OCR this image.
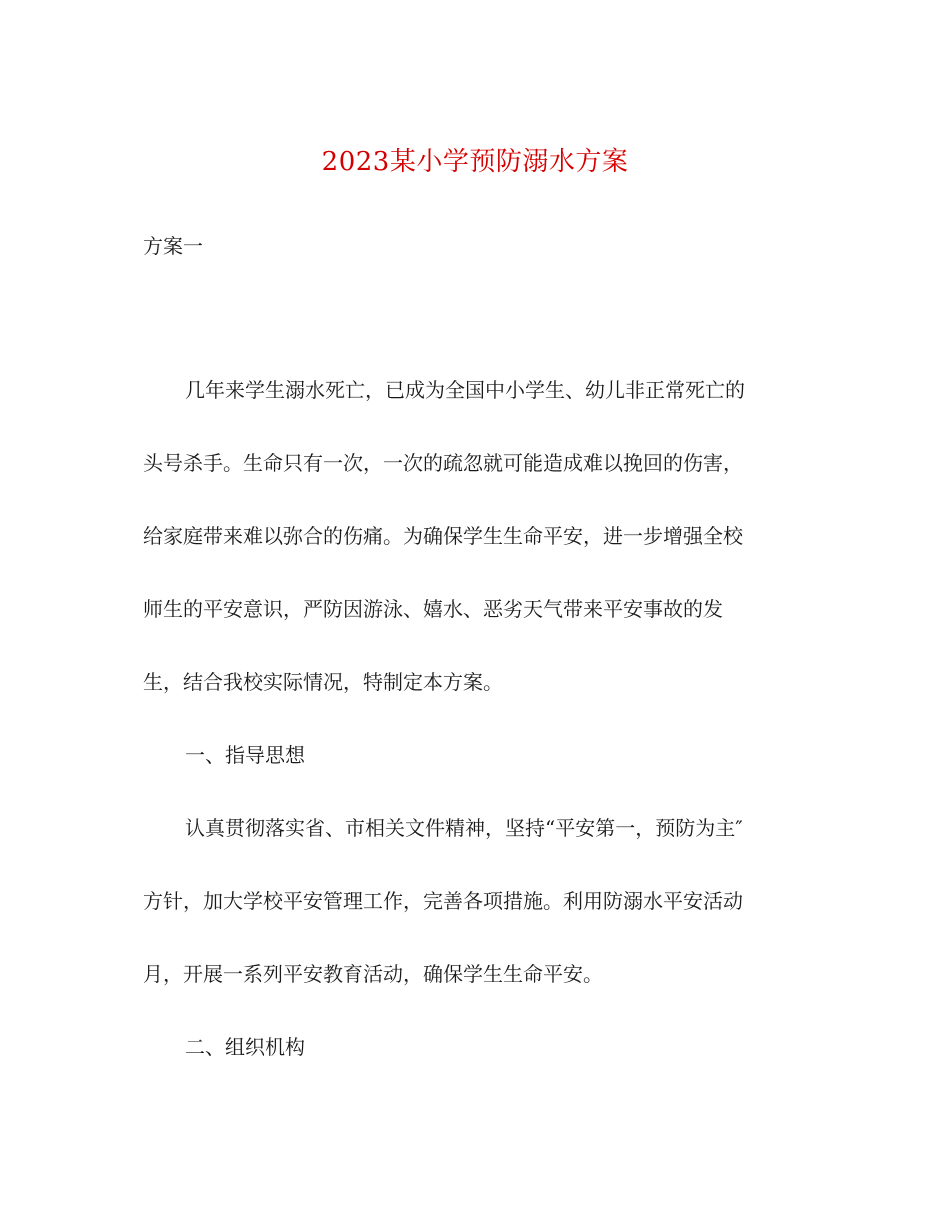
2023某小学预防溺水方案
方案一
几年来学生溺水死亡，已成为全国中小学生、幼儿非正常死亡的
头号杀手。生命只有一次，一次的疏忽就可能造成难以挽回的伤害，
给家庭带来难以弥合的伤痛。为确保学生生命平安，进一步增强全校
师生的平安意识，严防因游泳、嬉水、恶劣天气带来平安事故的发
生，结合我校实际情况，特制定本方案。
一、指导思想
认真贯彻落实省、市相关文件精神，坚持“平安第一，预防为主″
方针，加大学校平安管理工作，完善各项措施。利用防溺水平安活动
月，开展一系列平安教育活动，确保学生生命平安。
二、组织机构
